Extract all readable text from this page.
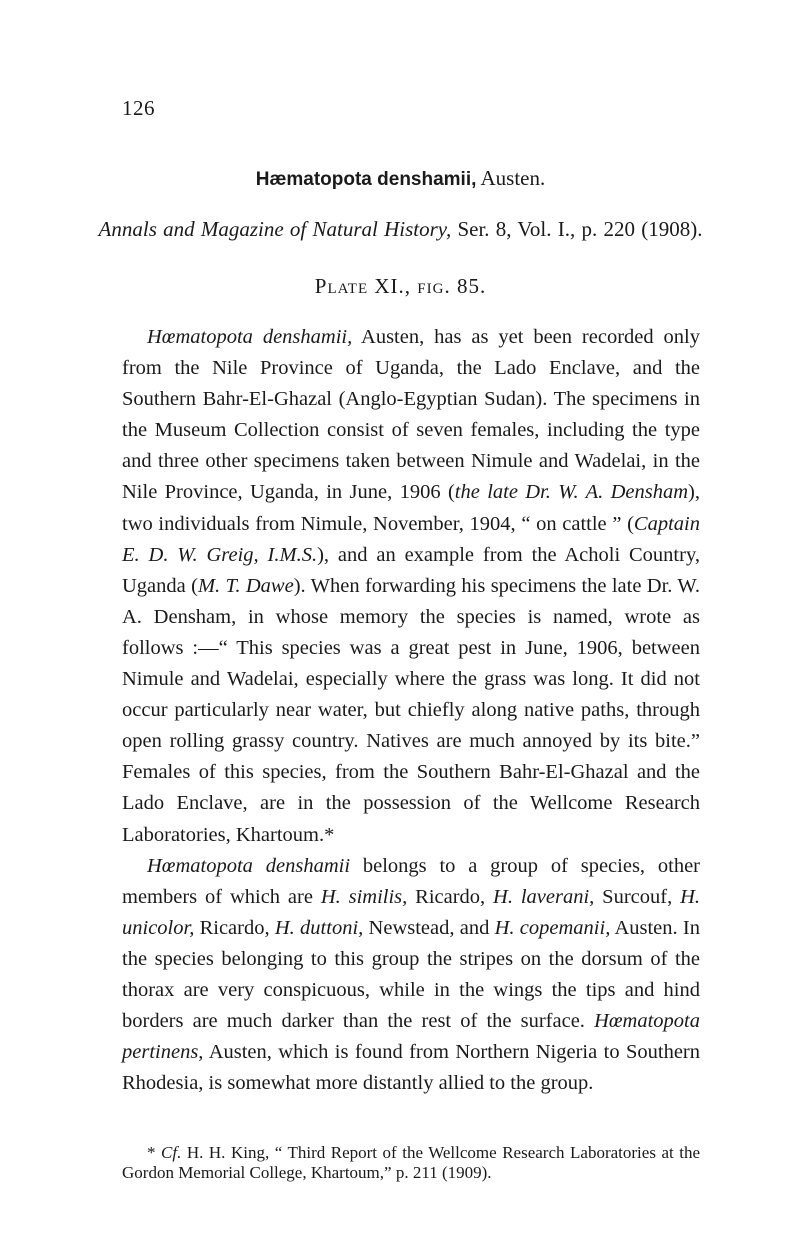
126
Hæmatopota denshamii, Austen.
Annals and Magazine of Natural History, Ser. 8, Vol. I., p. 220 (1908).
Plate XI., fig. 85.

Hœmatopota denshamii, Austen, has as yet been recorded only from the Nile Province of Uganda, the Lado Enclave, and the Southern Bahr-El-Ghazal (Anglo-Egyptian Sudan). The specimens in the Museum Collection consist of seven females, including the type and three other specimens taken between Nimule and Wadelai, in the Nile Province, Uganda, in June, 1906 (the late Dr. W. A. Densham), two individuals from Nimule, November, 1904, “ on cattle ” (Captain E. D. W. Greig, I.M.S.), and an example from the Acholi Country, Uganda (M. T. Dawe). When forwarding his specimens the late Dr. W. A. Densham, in whose memory the species is named, wrote as follows :—“ This species was a great pest in June, 1906, between Nimule and Wadelai, especially where the grass was long. It did not occur particularly near water, but chiefly along native paths, through open rolling grassy country. Natives are much annoyed by its bite.” Females of this species, from the Southern Bahr-El-Ghazal and the Lado Enclave, are in the possession of the Wellcome Research Laboratories, Khartoum.*

Hœmatopota denshamii belongs to a group of species, other members of which are H. similis, Ricardo, H. laverani, Surcouf, H. unicolor, Ricardo, H. duttoni, Newstead, and H. copemanii, Austen. In the species belonging to this group the stripes on the dorsum of the thorax are very conspicuous, while in the wings the tips and hind borders are much darker than the rest of the surface. Hœmatopota pertinens, Austen, which is found from Northern Nigeria to Southern Rhodesia, is somewhat more distantly allied to the group.

* Cf. H. H. King, “ Third Report of the Wellcome Research Laboratories at the Gordon Memorial College, Khartoum,” p. 211 (1909).
